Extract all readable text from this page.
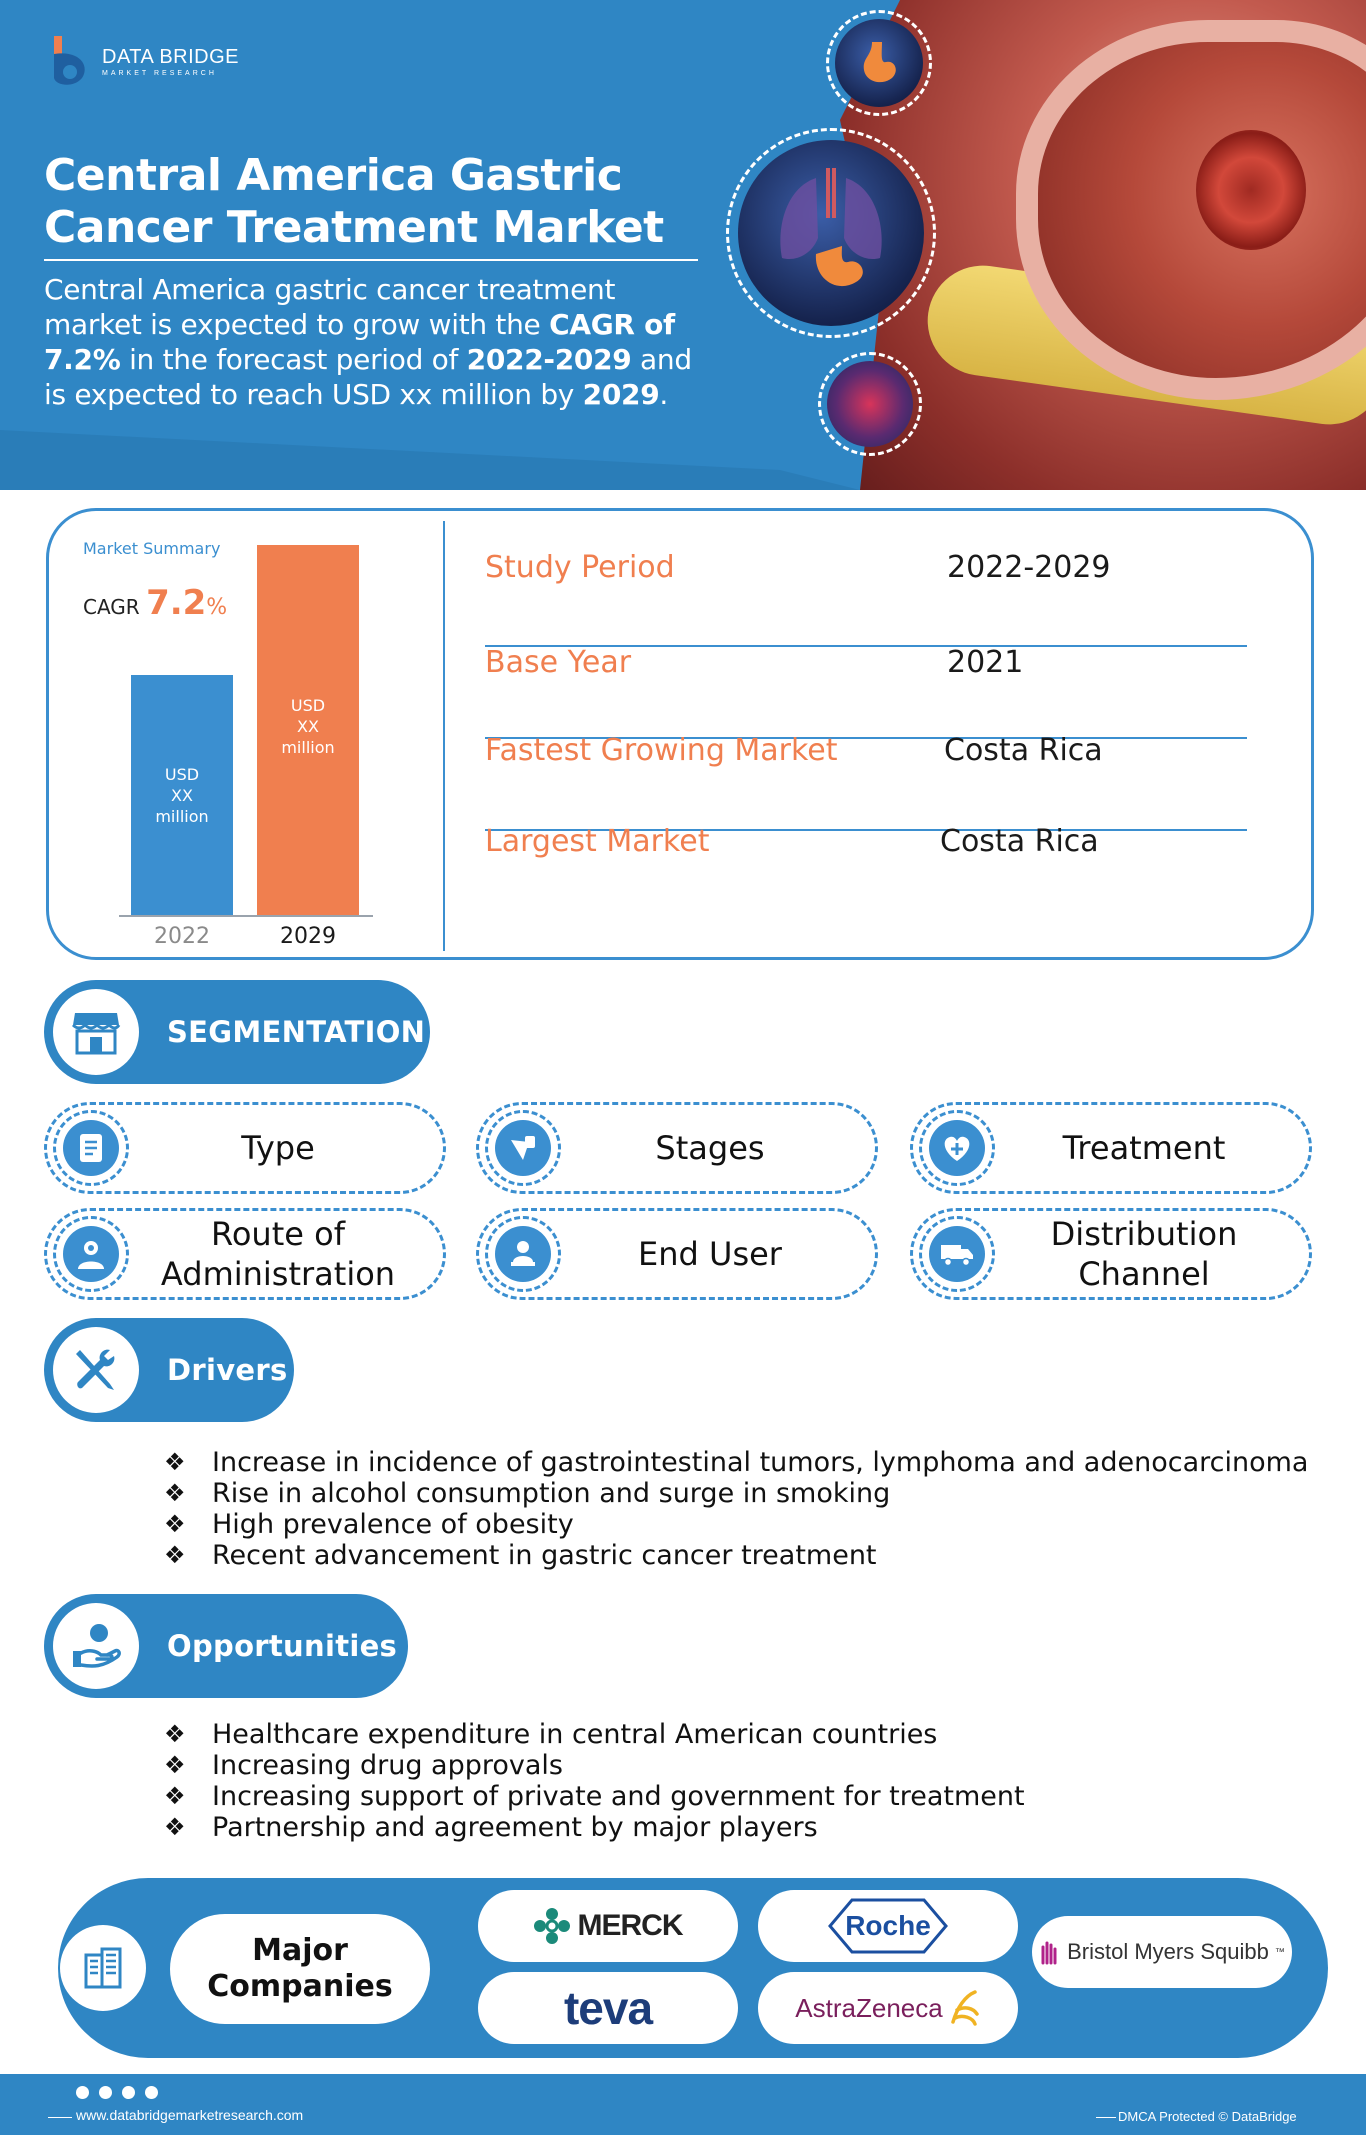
DATA BRIDGE
MARKET RESEARCH
Central America Gastric
Cancer Treatment Market
Central America gastric cancer treatment
market is expected to grow with the CAGR of
7.2% in the forecast period of 2022-2029 and
is expected to reach USD xx million by 2029.
Market Summary
CAGR 7.2%
USD
XX
million
USD
XX
million
2022	2029
Study Period	2022-2029
Base Year	2021
Fastest Growing Market	Costa Rica
Largest Market	Costa Rica
SEGMENTATION
Type	Stages	Treatment
Route of
Administration
End User
Distribution
Channel
Drivers
❖ Increase in incidence of gastrointestinal tumors, lymphoma and adenocarcinoma
❖ Rise in alcohol consumption and surge in smoking
❖ High prevalence of obesity
❖ Recent advancement in gastric cancer treatment
Opportunities
❖ Healthcare expenditure in central American countries
❖ Increasing drug approvals
❖ Increasing support of private and government for treatment
❖ Partnership and agreement by major players
Major
Companies
MERCK	Roche
Bristol Myers Squibb ™
teva	AstraZeneca
www.databridgemarketresearch.com	DMCA Protected © DataBridge
